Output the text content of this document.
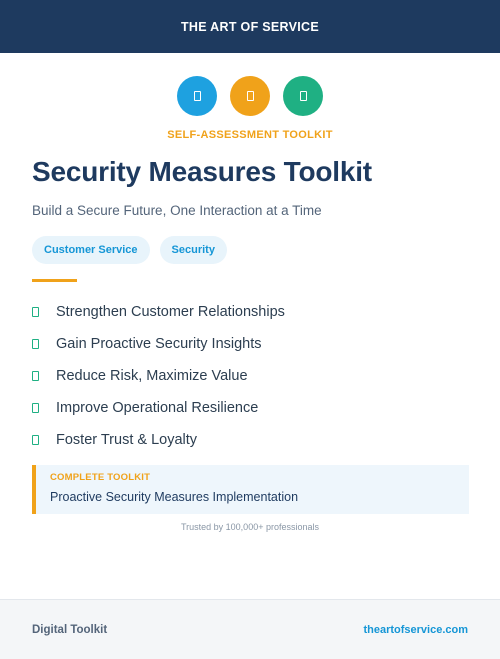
THE ART OF SERVICE
SELF-ASSESSMENT TOOLKIT
Security Measures Toolkit
Build a Secure Future, One Interaction at a Time
Customer Service	Security
Strengthen Customer Relationships
Gain Proactive Security Insights
Reduce Risk, Maximize Value
Improve Operational Resilience
Foster Trust & Loyalty
COMPLETE TOOLKIT
Proactive Security Measures Implementation
Trusted by 100,000+ professionals
Digital Toolkit	theartofservice.com
